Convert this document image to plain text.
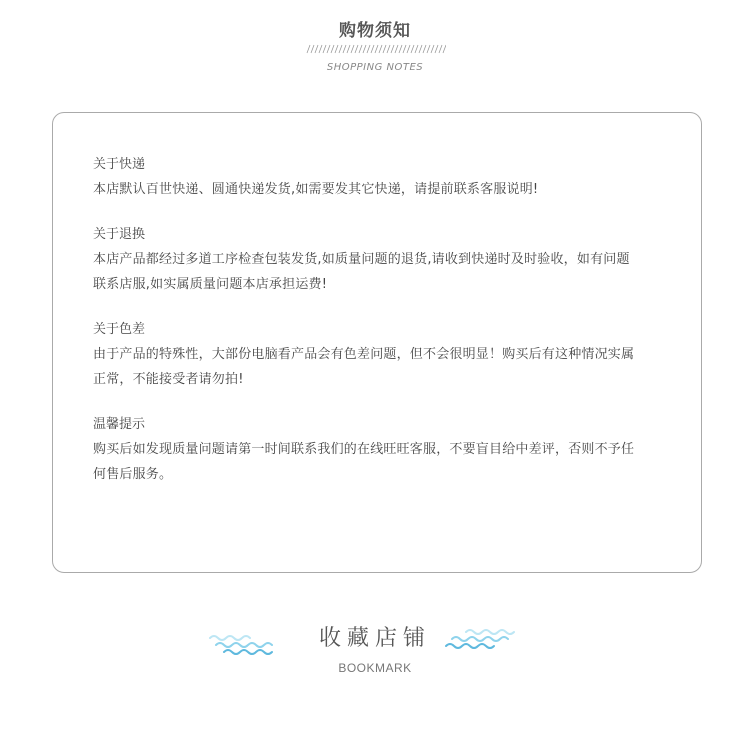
购物须知
SHOPPING NOTES
关于快递
本店默认百世快递、圆通快递发货,如需要发其它快递，请提前联系客服说明!
关于退换
本店产品都经过多道工序检查包装发货,如质量问题的退货,请收到快递时及时验收，如有问题
联系店服,如实属质量问题本店承担运费!
关于色差
由于产品的特殊性，大部份电脑看产品会有色差问题，但不会很明显！购买后有这种情况实属
正常，不能接受者请勿拍!
温馨提示
购买后如发现质量问题请第一时间联系我们的在线旺旺客服，不要盲目给中差评，否则不予任
何售后服务。
收藏店铺
BOOKMARK
